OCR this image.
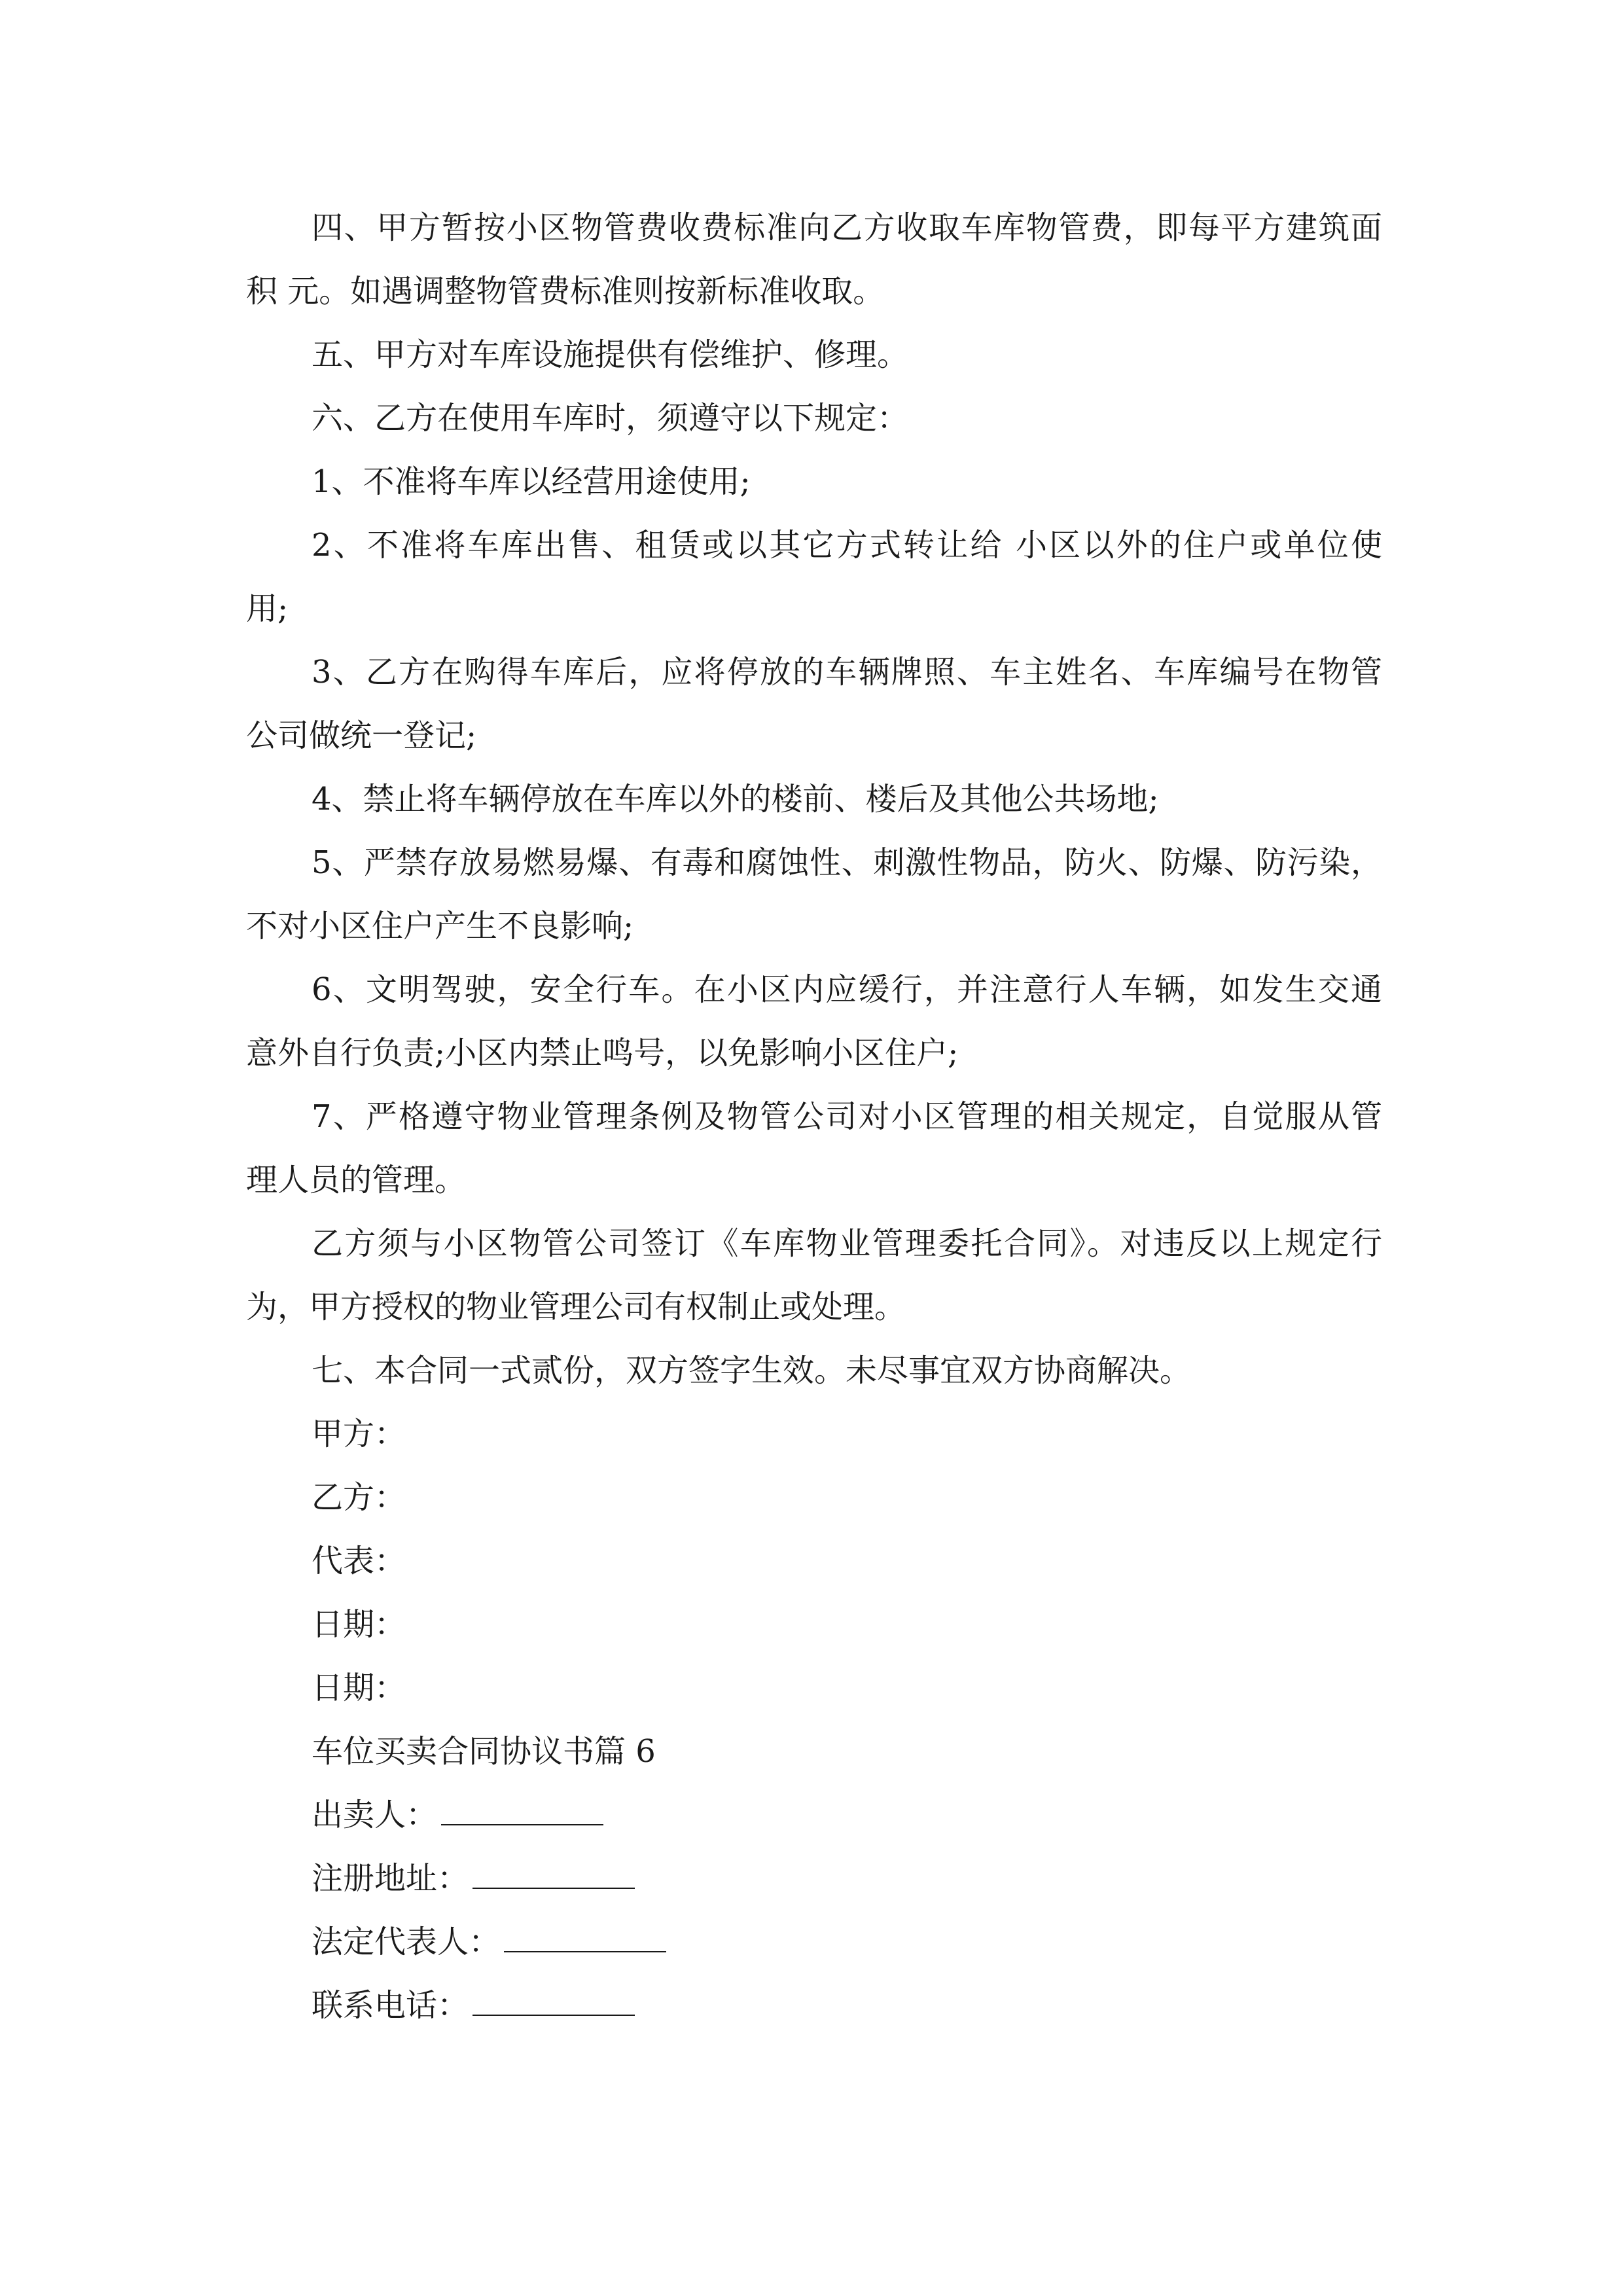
四、甲方暂按小区物管费收费标准向乙方收取车库物管费，即每平方建筑面
积 元。如遇调整物管费标准则按新标准收取。
五、甲方对车库设施提供有偿维护、修理。
六、乙方在使用车库时，须遵守以下规定：
1、不准将车库以经营用途使用;
2、不准将车库出售、租赁或以其它方式转让给 小区以外的住户或单位使
用;
3、乙方在购得车库后，应将停放的车辆牌照、车主姓名、车库编号在物管
公司做统一登记;
4、禁止将车辆停放在车库以外的楼前、楼后及其他公共场地;
5、严禁存放易燃易爆、有毒和腐蚀性、刺激性物品，防火、防爆、防污染，
不对小区住户产生不良影响;
6、文明驾驶，安全行车。在小区内应缓行，并注意行人车辆，如发生交通
意外自行负责;小区内禁止鸣号，以免影响小区住户;
7、严格遵守物业管理条例及物管公司对小区管理的相关规定，自觉服从管
理人员的管理。
乙方须与小区物管公司签订《车库物业管理委托合同》。对违反以上规定行
为，甲方授权的物业管理公司有权制止或处理。
七、本合同一式贰份，双方签字生效。未尽事宜双方协商解决。
甲方：
乙方：
代表：
日期：
日期：
车位买卖合同协议书篇 6
出卖人：
注册地址：
法定代表人：
联系电话：
